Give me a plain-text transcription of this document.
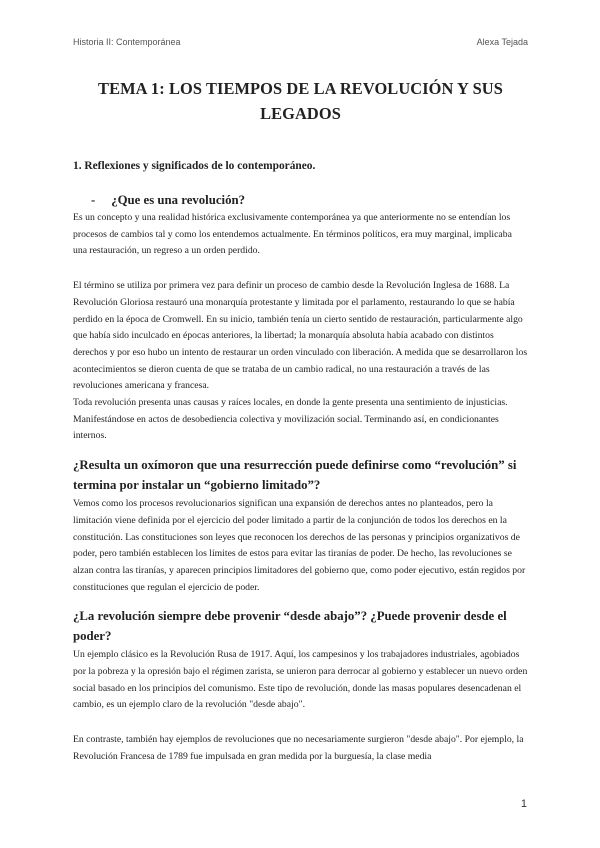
Historia II: Contemporánea	Alexa Tejada
TEMA 1: LOS TIEMPOS DE LA REVOLUCIÓN Y SUS LEGADOS
1. Reflexiones y significados de lo contemporáneo.
- ¿Que es una revolución?

Es un concepto y una realidad histórica exclusivamente contemporánea ya que anteriormente no se entendían los procesos de cambios tal y como los entendemos actualmente. En términos políticos, era muy marginal, implicaba una restauración, un regreso a un orden perdido.

El término se utiliza por primera vez para definir un proceso de cambio desde la Revolución Inglesa de 1688. La Revolución Gloriosa restauró una monarquía protestante y limitada por el parlamento, restaurando lo que se había perdido en la época de Cromwell. En su inicio, también tenía un cierto sentido de restauración, particularmente algo que había sido inculcado en épocas anteriores, la libertad; la monarquía absoluta había acabado con distintos derechos y por eso hubo un intento de restaurar un orden vinculado con liberación. A medida que se desarrollaron los acontecimientos se dieron cuenta de que se trataba de un cambio radical, no una restauración a través de las revoluciones americana y francesa.

Toda revolución presenta unas causas y raíces locales, en donde la gente presenta una sentimiento de injusticias. Manifestándose en actos de desobediencia colectiva y movilización social. Terminando así, en condicionantes internos.

¿Resulta un oxímoron que una resurrección puede definirse como “revolución” si termina por instalar un “gobierno limitado”?

Vemos como los procesos revolucionarios significan una expansión de derechos antes no planteados, pero la limitación viene definida por el ejercicio del poder limitado a partir de la conjunción de todos los derechos en la constitución. Las constituciones son leyes que reconocen los derechos de las personas y principios organizativos de poder, pero también establecen los límites de estos para evitar las tiranías de poder. De hecho, las revoluciones se alzan contra las tiranías, y aparecen principios limitadores del gobierno que, como poder ejecutivo, están regidos por constituciones que regulan el ejercicio de poder.

¿La revolución siempre debe provenir “desde abajo”? ¿Puede provenir desde el poder?

Un ejemplo clásico es la Revolución Rusa de 1917. Aquí, los campesinos y los trabajadores industriales, agobiados por la pobreza y la opresión bajo el régimen zarista, se unieron para derrocar al gobierno y establecer un nuevo orden social basado en los principios del comunismo. Este tipo de revolución, donde las masas populares desencadenan el cambio, es un ejemplo claro de la revolución "desde abajo".

En contraste, también hay ejemplos de revoluciones que no necesariamente surgieron "desde abajo". Por ejemplo, la Revolución Francesa de 1789 fue impulsada en gran medida por la burguesía, la clase media

1
